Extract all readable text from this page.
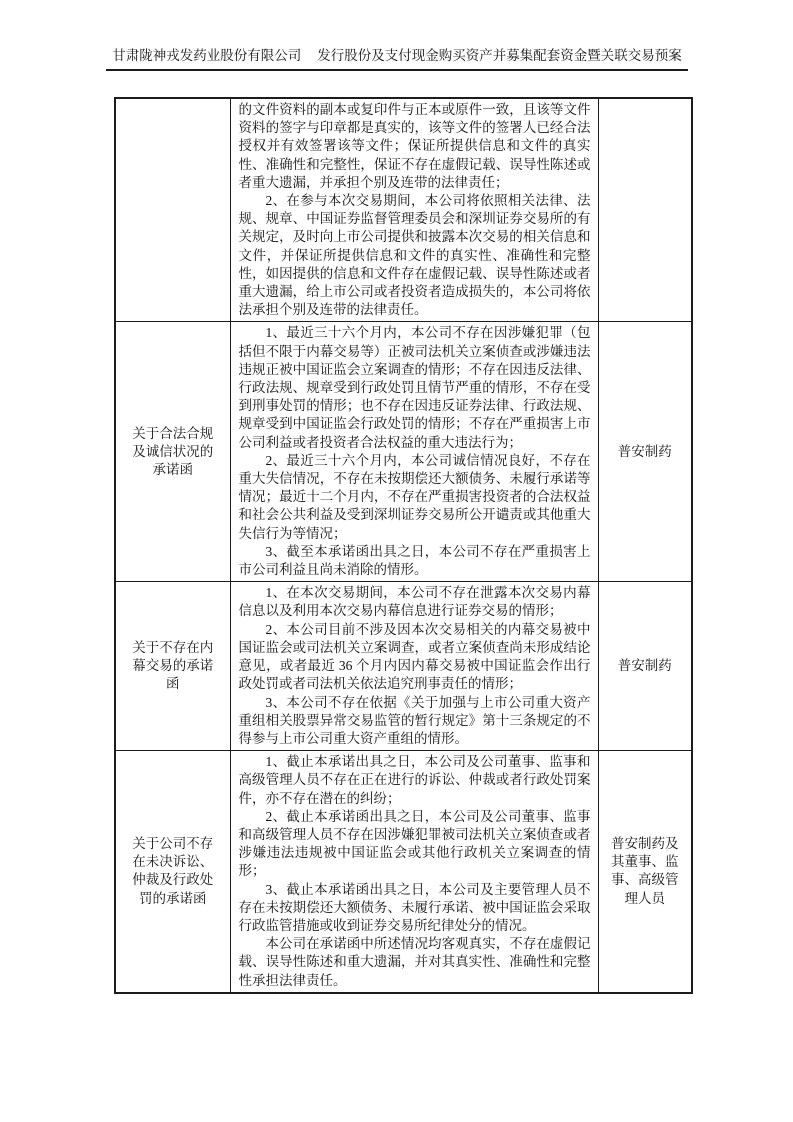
甘肃陇神戎发药业股份有限公司 发行股份及支付现金购买资产并募集配套资金暨关联交易预案

	的文件资料的副本或复印件与正本或原件一致，且该等文件资料的签字与印章都是真实的，该等文件的签署人已经合法授权并有效签署该等文件；保证所提供信息和文件的真实性、准确性和完整性，保证不存在虚假记载、误导性陈述或者重大遗漏，并承担个别及连带的法律责任；

2、在参与本次交易期间，本公司将依照相关法律、法规、规章、中国证券监督管理委员会和深圳证券交易所的有关规定，及时向上市公司提供和披露本次交易的相关信息和文件，并保证所提供信息和文件的真实性、准确性和完整性，如因提供的信息和文件存在虚假记载、误导性陈述或者重大遗漏，给上市公司或者投资者造成损失的，本公司将依法承担个别及连带的法律责任。	

关于合法合规及诚信状况的承诺函	1、最近三十六个月内，本公司不存在因涉嫌犯罪（包括但不限于内幕交易等）正被司法机关立案侦查或涉嫌违法违规正被中国证监会立案调查的情形；不存在因违反法律、行政法规、规章受到行政处罚且情节严重的情形，不存在受到刑事处罚的情形；也不存在因违反证券法律、行政法规、规章受到中国证监会行政处罚的情形；不存在严重损害上市公司利益或者投资者合法权益的重大违法行为；

2、最近三十六个月内，本公司诚信情况良好，不存在重大失信情况，不存在未按期偿还大额债务、未履行承诺等情况；最近十二个月内，不存在严重损害投资者的合法权益和社会公共利益及受到深圳证券交易所公开谴责或其他重大失信行为等情况；

3、截至本承诺函出具之日，本公司不存在严重损害上市公司利益且尚未消除的情形。	普安制药
关于不存在内幕交易的承诺函	1、在本次交易期间，本公司不存在泄露本次交易内幕信息以及利用本次交易内幕信息进行证券交易的情形；

2、本公司目前不涉及因本次交易相关的内幕交易被中国证监会或司法机关立案调查，或者立案侦查尚未形成结论意见，或者最近 36 个月内因内幕交易被中国证监会作出行政处罚或者司法机关依法追究刑事责任的情形；

3、本公司不存在依据《关于加强与上市公司重大资产重组相关股票异常交易监管的暂行规定》第十三条规定的不得参与上市公司重大资产重组的情形。	普安制药
关于公司不存在未决诉讼、仲裁及行政处罚的承诺函	1、截止本承诺出具之日，本公司及公司董事、监事和高级管理人员不存在正在进行的诉讼、仲裁或者行政处罚案件，亦不存在潜在的纠纷；

2、截止本承诺函出具之日，本公司及公司董事、监事和高级管理人员不存在因涉嫌犯罪被司法机关立案侦查或者涉嫌违法违规被中国证监会或其他行政机关立案调查的情形；

3、截止本承诺函出具之日，本公司及主要管理人员不存在未按期偿还大额债务、未履行承诺、被中国证监会采取行政监管措施或收到证券交易所纪律处分的情况。

本公司在承诺函中所述情况均客观真实，不存在虚假记载、误导性陈述和重大遗漏，并对其真实性、准确性和完整性承担法律责任。	普安制药及其董事、监事、高级管理人员
